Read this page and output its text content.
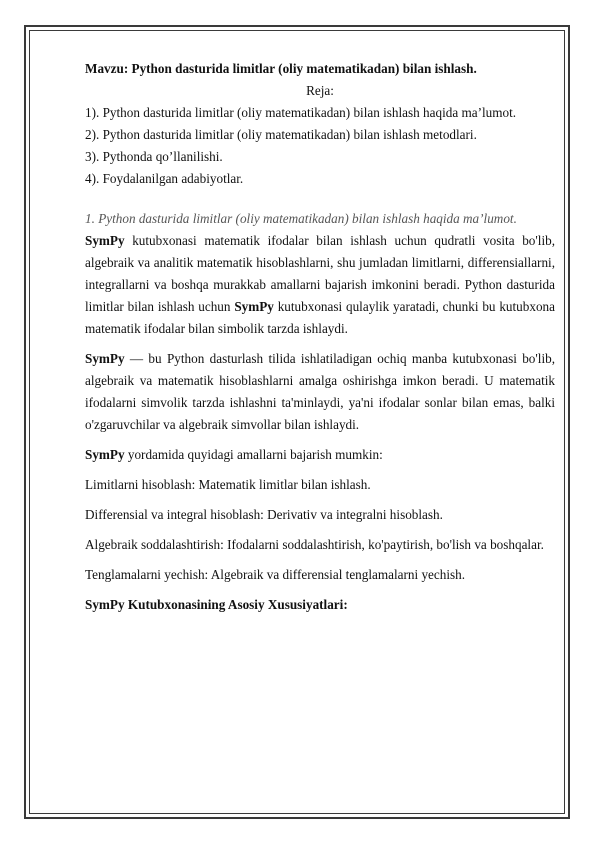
Mavzu: Python dasturida limitlar (oliy matematikadan) bilan ishlash.

Reja:

1). Python dasturida limitlar (oliy matematikadan) bilan ishlash haqida ma’lumot.

2). Python dasturida limitlar (oliy matematikadan) bilan ishlash metodlari.

3). Pythonda qo’llanilishi.

4). Foydalanilgan adabiyotlar.

1. Python dasturida limitlar (oliy matematikadan) bilan ishlash haqida ma’lumot.

SymPy kutubxonasi matematik ifodalar bilan ishlash uchun qudratli vosita bo'lib, algebraik va analitik matematik hisoblashlarni, shu jumladan limitlarni, differensiallarni, integrallarni va boshqa murakkab amallarni bajarish imkonini beradi. Python dasturida limitlar bilan ishlash uchun SymPy kutubxonasi qulaylik yaratadi, chunki bu kutubxona matematik ifodalar bilan simbolik tarzda ishlaydi.

SymPy — bu Python dasturlash tilida ishlatiladigan ochiq manba kutubxonasi bo'lib, algebraik va matematik hisoblashlarni amalga oshirishga imkon beradi. U matematik ifodalarni simvolik tarzda ishlashni ta'minlaydi, ya'ni ifodalar sonlar bilan emas, balki o'zgaruvchilar va algebraik simvollar bilan ishlaydi.

SymPy yordamida quyidagi amallarni bajarish mumkin:

Limitlarni hisoblash: Matematik limitlar bilan ishlash.

Differensial va integral hisoblash: Derivativ va integralni hisoblash.

Algebraik soddalashtirish: Ifodalarni soddalashtirish, ko'paytirish, bo'lish va boshqalar.

Tenglamalarni yechish: Algebraik va differensial tenglamalarni yechish.

SymPy Kutubxonasining Asosiy Xususiyatlari:
